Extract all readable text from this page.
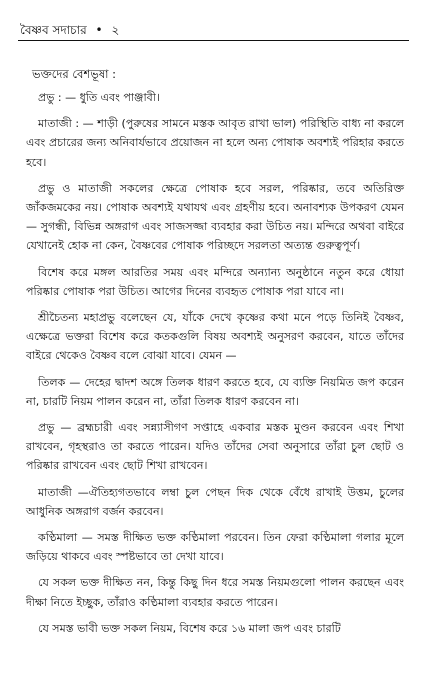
বৈষ্ণব সদাচার • ২
ভক্তদের বেশভূষা :

প্রভু : — ধুতি এবং পাঞ্জাবী।

মাতাজী : — শাড়ী (পুরুষের সামনে মস্তক আবৃত রাখা ভাল) পরিস্থিতি বাধ্য না করলে এবং প্রচারের জন্য অনিবার্যভাবে প্রয়োজন না হলে অন্য পোষাক অবশ্যই পরিহার করতে হবে।

প্রভু ও মাতাজী সকলের ক্ষেত্রে পোষাক হবে সরল, পরিষ্কার, তবে অতিরিক্ত জাঁকজমকের নয়। পোষাক অবশ্যই যথাযথ এবং গ্রহণীয় হবে। অনাবশ্যক উপকরণ যেমন — সুগন্ধী, বিভিন্ন অঙ্গরাগ এবং সাজসজ্জা ব্যবহার করা উচিত নয়। মন্দিরে অথবা বাইরে যেখানেই হোক না কেন, বৈষ্ণবের পোষাক পরিচ্ছদে সরলতা অত্যন্ত গুরুত্বপূর্ণ।

বিশেষ করে মঙ্গল আরতির সময় এবং মন্দিরে অন্যান্য অনুষ্ঠানে নতুন করে ধোয়া পরিষ্কার পোষাক পরা উচিত। আগের দিনের ব্যবহৃত পোষাক পরা যাবে না।

শ্রীচৈতন্য মহাপ্রভু বলেছেন যে, যাঁকে দেখে কৃষ্ণের কথা মনে পড়ে তিনিই বৈষ্ণব, এক্ষেত্রে ভক্তরা বিশেষ করে কতকগুলি বিষয় অবশ্যই অনুসরণ করবেন, যাতে তাঁদের বাইরে থেকেও বৈষ্ণব বলে বোঝা যাবে। যেমন —

তিলক — দেহের দ্বাদশ অঙ্গে তিলক ধারণ করতে হবে, যে ব্যক্তি নিয়মিত জপ করেন না, চারটি নিয়ম পালন করেন না, তাঁরা তিলক ধারণ করবেন না।

প্রভু — ব্রহ্মচারী এবং সন্ন্যাসীগণ সপ্তাহে একবার মস্তক মুণ্ডন করবেন এবং শিখা রাখবেন, গৃহস্থরাও তা করতে পারেন। যদিও তাঁদের সেবা অনুসারে তাঁরা চুল ছোট ও পরিষ্কার রাখবেন এবং ছোট শিখা রাখবেন।

মাতাজী —ঐতিহ্যগতভাবে লম্বা চুল পেছন দিক থেকে বেঁধে রাখাই উত্তম, চুলের আধুনিক অঙ্গরাগ বর্জন করবেন।

কণ্ঠিমালা — সমস্ত দীক্ষিত ভক্ত কণ্ঠিমালা পরবেন। তিন ফেরা কণ্ঠিমালা গলার মূলে জড়িয়ে থাকবে এবং স্পষ্টভাবে তা দেখা যাবে।

যে সকল ভক্ত দীক্ষিত নন, কিন্তু কিছু দিন ধরে সমস্ত নিয়মগুলো পালন করছেন এবং দীক্ষা নিতে ইচ্ছুক, তাঁরাও কণ্ঠিমালা ব্যবহার করতে পারেন।

যে সমস্ত ভাবী ভক্ত সকল নিয়ম, বিশেষ করে ১৬ মালা জপ এবং চারটি
